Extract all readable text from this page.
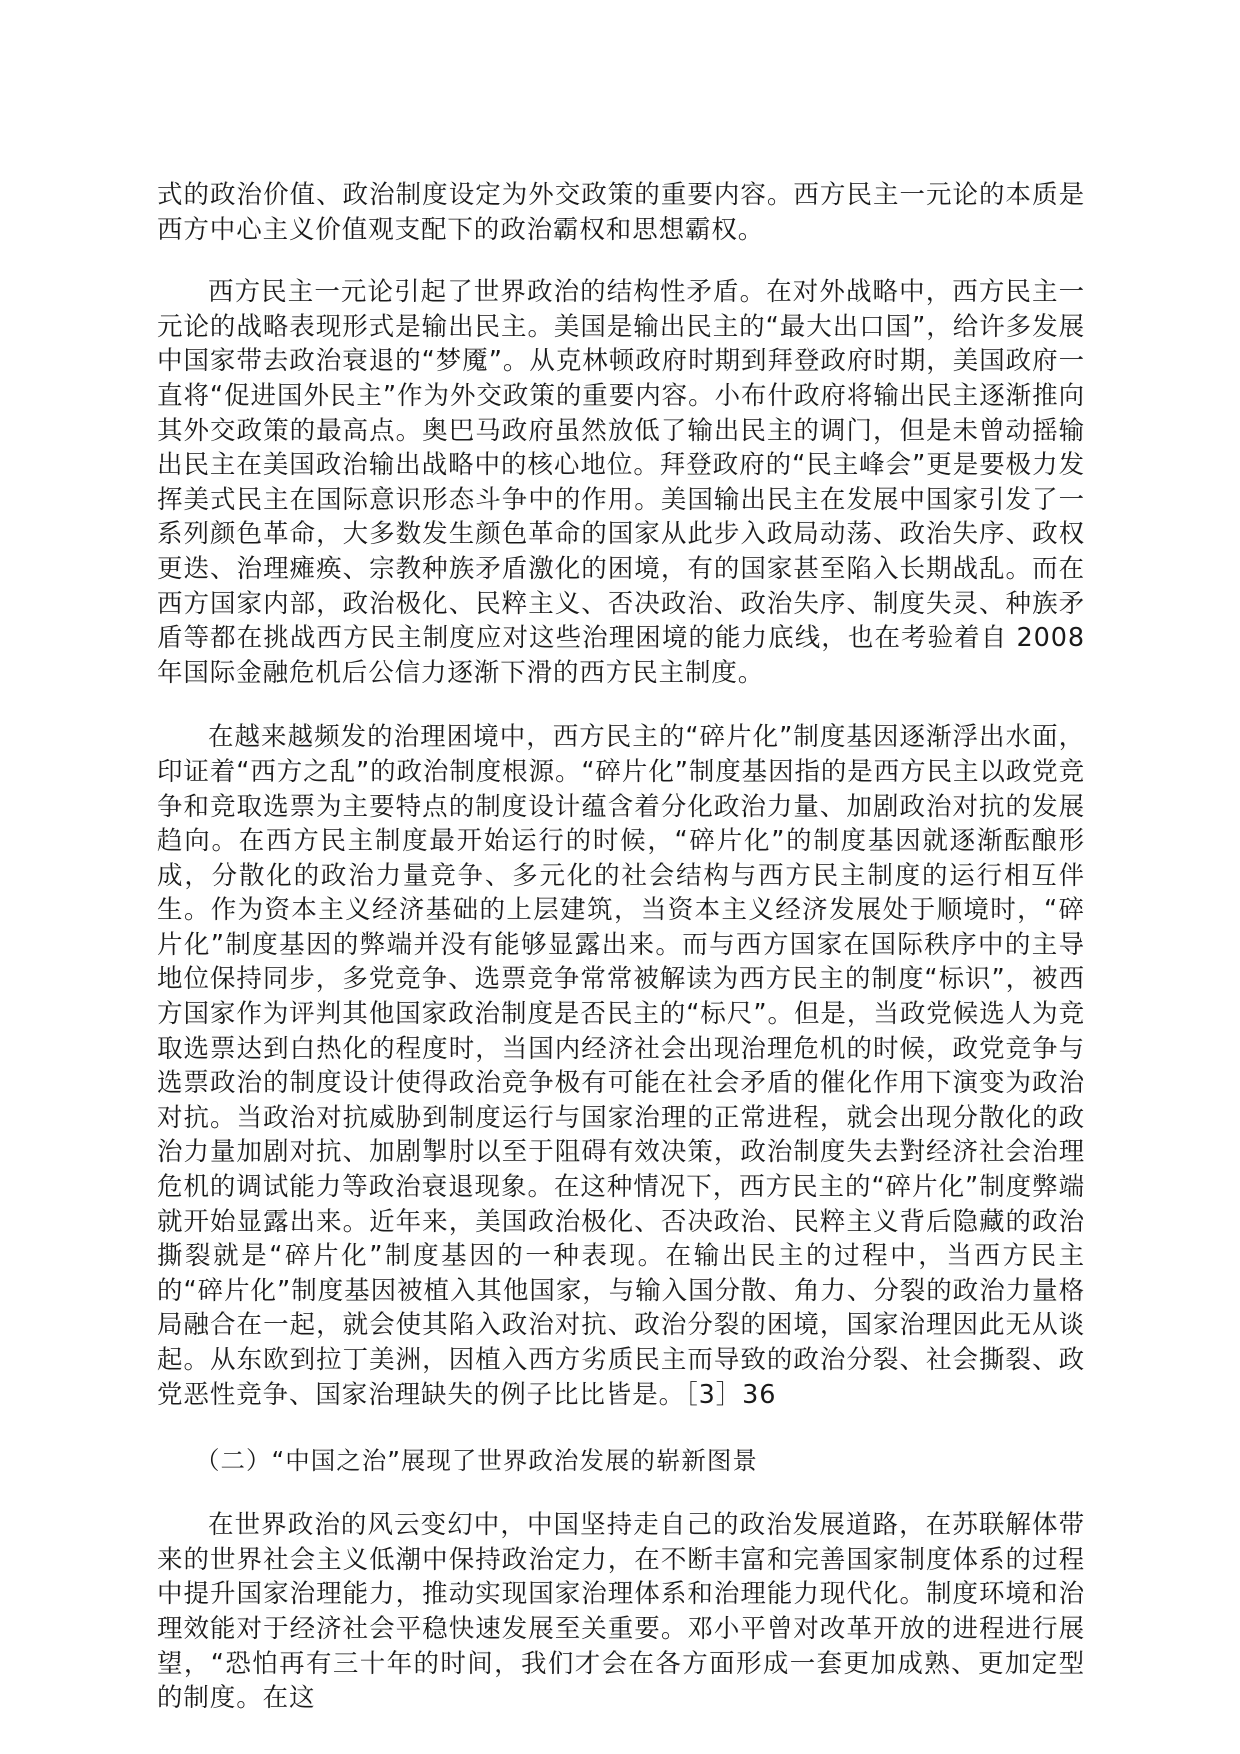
式的政治价值、政治制度设定为外交政策的重要内容。西方民主一元论的本质是西方中心主义价值观支配下的政治霸权和思想霸权。

西方民主一元论引起了世界政治的结构性矛盾。在对外战略中，西方民主一元论的战略表现形式是输出民主。美国是输出民主的“最大出口国”，给许多发展中国家带去政治衰退的“梦魇”。从克林顿政府时期到拜登政府时期，美国政府一直将“促进国外民主”作为外交政策的重要内容。小布什政府将输出民主逐渐推向其外交政策的最高点。奥巴马政府虽然放低了输出民主的调门，但是未曾动摇输出民主在美国政治输出战略中的核心地位。拜登政府的“民主峰会”更是要极力发挥美式民主在国际意识形态斗争中的作用。美国输出民主在发展中国家引发了一系列颜色革命，大多数发生颜色革命的国家从此步入政局动荡、政治失序、政权更迭、治理瘫痪、宗教种族矛盾激化的困境，有的国家甚至陷入长期战乱。而在西方国家内部，政治极化、民粹主义、否决政治、政治失序、制度失灵、种族矛盾等都在挑战西方民主制度应对这些治理困境的能力底线，也在考验着自 2008 年国际金融危机后公信力逐渐下滑的西方民主制度。

在越来越频发的治理困境中，西方民主的“碎片化”制度基因逐渐浮出水面，印证着“西方之乱”的政治制度根源。“碎片化”制度基因指的是西方民主以政党竞争和竞取选票为主要特点的制度设计蕴含着分化政治力量、加剧政治对抗的发展趋向。在西方民主制度最开始运行的时候，“碎片化”的制度基因就逐渐酝酿形成，分散化的政治力量竞争、多元化的社会结构与西方民主制度的运行相互伴生。作为资本主义经济基础的上层建筑，当资本主义经济发展处于顺境时，“碎片化”制度基因的弊端并没有能够显露出来。而与西方国家在国际秩序中的主导地位保持同步，多党竞争、选票竞争常常被解读为西方民主的制度“标识”，被西方国家作为评判其他国家政治制度是否民主的“标尺”。但是，当政党候选人为竞取选票达到白热化的程度时，当国内经济社会出现治理危机的时候，政党竞争与选票政治的制度设计使得政治竞争极有可能在社会矛盾的催化作用下演变为政治对抗。当政治对抗威胁到制度运行与国家治理的正常进程，就会出现分散化的政治力量加剧对抗、加剧掣肘以至于阻碍有效决策，政治制度失去對经济社会治理危机的调试能力等政治衰退现象。在这种情况下，西方民主的“碎片化”制度弊端就开始显露出来。近年来，美国政治极化、否决政治、民粹主义背后隐藏的政治撕裂就是“碎片化”制度基因的一种表现。在输出民主的过程中，当西方民主的“碎片化”制度基因被植入其他国家，与输入国分散、角力、分裂的政治力量格局融合在一起，就会使其陷入政治对抗、政治分裂的困境，国家治理因此无从谈起。从东欧到拉丁美洲，因植入西方劣质民主而导致的政治分裂、社会撕裂、政党恶性竞争、国家治理缺失的例子比比皆是。［3］36

（二）“中国之治”展现了世界政治发展的崭新图景

在世界政治的风云变幻中，中国坚持走自己的政治发展道路，在苏联解体带来的世界社会主义低潮中保持政治定力，在不断丰富和完善国家制度体系的过程中提升国家治理能力，推动实现国家治理体系和治理能力现代化。制度环境和治理效能对于经济社会平稳快速发展至关重要。邓小平曾对改革开放的进程进行展望，“恐怕再有三十年的时间，我们才会在各方面形成一套更加成熟、更加定型的制度。在这
